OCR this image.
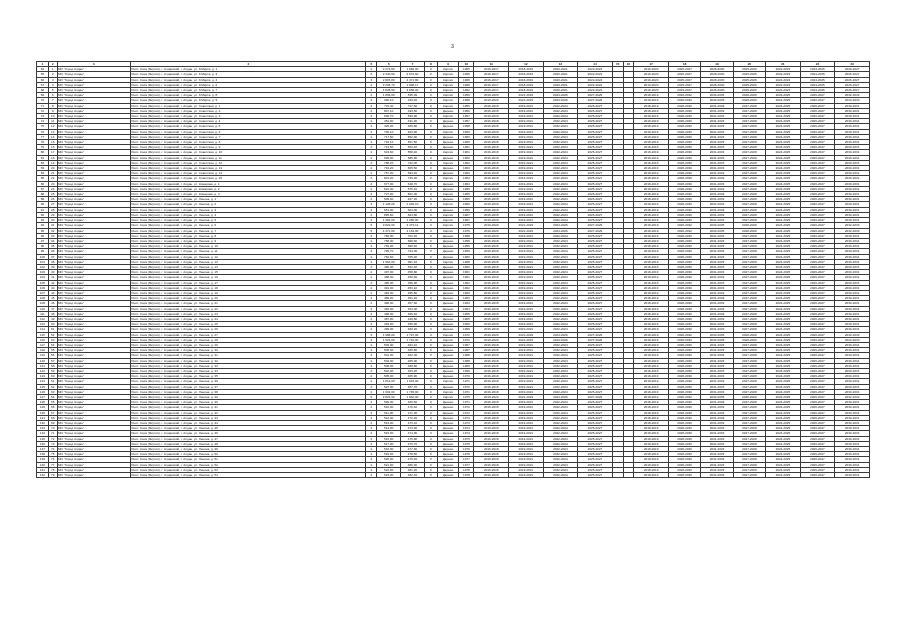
3
1	2	3	4	5	6	7	8	9	10	11	12	13	14	15	16	17	18	19	20	21	22	23
64	1	МО "Город Алдан"	Респ. Саха (Якутия), г. Алданский, г. Алдан, ул. 8 Марта, д. 1	2	2 274,80	1 669,00	0	Кирпич	1965	2016-2017	2018-2019	2020-2021	2022-2024			2019-2020	2025-2027	2028-2030	2025-2026	2022-2023	2024-2025	2026-2027
65	2	МО "Город Алдан"	Респ. Саха (Якутия), г. Алданский, г. Алдан, ул. 8 Марта, д. 3	2	2 340,60	2 073,60	0	Кирпич	1965	2016-2017	2018-2019	2020-2021	2022-2024			2019-2020	2025-2027	2028-2030	2025-2026	2022-2023	2024-2025	2026-2027
66	3	МО "Город Алдан"	Респ. Саха (Якутия), г. Алданский, г. Алдан, ул. 8 Марта, д. 4	3	2 815,80	2 471,80	0	Кирпич	1966	2016-2017	2018-2019	2020-2021	2022-2024			2019-2020	2025-2027	2028-2030	2025-2026	2022-2023	2024-2025	2026-2027
67	4	МО "Город Алдан"	Респ. Саха (Якутия), г. Алданский, г. Алдан, ул. 8 Марта, д. 6	2	3 205,70	1 998,17	0	Кирпич	1968	2016-2017	2018-2019	2020-2021	2022-2024			2019-2020	2025-2027	2028-2030	2025-2026	2022-2023	2024-2025	2026-2027
68	5	МО "Город Алдан"	Респ. Саха (Якутия), г. Алданский, г. Алдан, ул. 8 Марта, д. 7	2	4 828,90	3 958,00	0	Кирпич	1962	2016-2017	2018-2019	2020-2021	2022-2024			2019-2020	2025-2027	2028-2030	2025-2026	2022-2023	2024-2025	2026-2027
69	6	МО "Город Алдан"	Респ. Саха (Якутия), г. Алданский, г. Алдан, ул. 8 Марта, д. 8	2	1 893,00	535,09	0	Кирпич	1959	2019-2020	2021-2023	2024-2026	2027-2029			2018-2019	2030-2032	2033-2035	2028-2029	2024-2025	2026-2027	2032-2033
70	7	МО "Город Алдан"	Респ. Саха (Якутия), г. Алданский, г. Алдан, ул. 8 Марта, д. 9	2	390,10	333,40	0	Кирпич	1958	2019-2020	2021-2023	2024-2026	2027-2029			2018-2019	2030-2032	2033-2035	2028-2029	2024-2025	2026-2027	2032-2033
71	8	МО "Город Алдан"	Респ. Саха (Якутия), г. Алданский, г. Алдан, ул. Советская, д. 1	2	776,40	727,60	0	Кирпич	1955	2016-2018	2019-2021	2022-2024	2025-2027			2018-2019	2028-2030	2031-2033	2027-2028	2024-2025	2026-2027	2030-2031
72	9	МО "Город Алдан"	Респ. Саха (Якутия), г. Алданский, г. Алдан, ул. Советская, д. 2	2	807,10	433,50	0	Дерево	1956	2016-2018	2019-2021	2022-2024	2025-2027			2018-2019	2028-2030	2031-2033	2027-2028	2024-2025	2026-2027	2030-2031
73	10	МО "Город Алдан"	Респ. Саха (Якутия), г. Алданский, г. Алдан, ул. Советская, д. 3	2	609,70	530,90	0	Кирпич	1957	2016-2018	2019-2021	2022-2024	2025-2027			2018-2019	2028-2030	2031-2033	2027-2028	2024-2025	2026-2027	2030-2031
74	11	МО "Город Алдан"	Респ. Саха (Якутия), г. Алданский, г. Алдан, ул. Советская, д. 4	2	451,90	431,30	0	Дерево	1957	2016-2018	2019-2021	2022-2024	2025-2027			2018-2019	2028-2030	2031-2033	2027-2028	2024-2025	2026-2027	2030-2031
75	12	МО "Город Алдан"	Респ. Саха (Якутия), г. Алданский, г. Алдан, ул. Советская, д. 5	2	425,00	406,80	0	Дерево	1958	2016-2018	2019-2021	2022-2024	2025-2027			2018-2019	2028-2030	2031-2033	2027-2028	2024-2025	2026-2027	2030-2031
76	13	МО "Город Алдан"	Респ. Саха (Якутия), г. Алданский, г. Алдан, ул. Советская, д. 6	2	736,10	623,90	0	Кирпич	1959	2016-2018	2019-2021	2022-2024	2025-2027			2018-2019	2028-2030	2031-2033	2027-2028	2024-2025	2026-2027	2030-2031
77	14	МО "Город Алдан"	Респ. Саха (Якутия), г. Алданский, г. Алдан, ул. Советская, д. 7	2	717,50	652,00	0	Дерево	1960	2016-2018	2019-2021	2022-2024	2025-2027			2018-2019	2028-2030	2031-2033	2027-2028	2024-2025	2026-2027	2030-2031
78	15	МО "Город Алдан"	Респ. Саха (Якутия), г. Алданский, г. Алдан, ул. Советская, д. 8	2	710,10	651,50	0	Дерево	1960	2016-2018	2019-2021	2022-2024	2025-2027			2018-2019	2028-2030	2031-2033	2027-2028	2024-2025	2026-2027	2030-2031
79	16	МО "Город Алдан"	Респ. Саха (Якутия), г. Алданский, г. Алдан, ул. Советская, д. 9	2	713,60	653,40	0	Дерево	1961	2016-2018	2019-2021	2022-2024	2025-2027			2018-2019	2028-2030	2031-2033	2027-2028	2024-2025	2026-2027	2030-2031
80	17	МО "Город Алдан"	Респ. Саха (Якутия), г. Алданский, г. Алдан, ул. Советская, д. 10	2	619,60	558,40	0	Кирпич	1961	2016-2018	2019-2021	2022-2024	2025-2027			2018-2019	2028-2030	2031-2033	2027-2028	2024-2025	2026-2027	2030-2031
81	18	МО "Город Алдан"	Респ. Саха (Якутия), г. Алданский, г. Алдан, ул. Советская, д. 11	2	639,00	585,90	0	Дерево	1962	2016-2018	2019-2021	2022-2024	2025-2027			2018-2019	2028-2030	2031-2033	2027-2028	2024-2025	2026-2027	2030-2031
82	19	МО "Город Алдан"	Респ. Саха (Якутия), г. Алданский, г. Алдан, ул. Советская, д. 12	2	788,20	720,00	0	Кирпич	1962	2016-2018	2019-2021	2022-2024	2025-2027			2018-2019	2028-2030	2031-2033	2027-2028	2024-2025	2026-2027	2030-2031
83	20	МО "Город Алдан"	Респ. Саха (Якутия), г. Алданский, г. Алдан, ул. Советская, д. 13	2	734,20	665,50	0	Дерево	1963	2016-2018	2019-2021	2022-2024	2025-2027			2018-2019	2028-2030	2031-2033	2027-2028	2024-2025	2026-2027	2030-2031
84	21	МО "Город Алдан"	Респ. Саха (Якутия), г. Алданский, г. Алдан, ул. Советская, д. 14	2	757,30	693,40	0	Дерево	1963	2016-2018	2019-2021	2022-2024	2025-2027			2018-2019	2028-2030	2031-2033	2027-2028	2024-2025	2026-2027	2030-2031
85	22	МО "Город Алдан"	Респ. Саха (Якутия), г. Алданский, г. Алдан, ул. Советская, д. 15	2	801,20	736,30	0	Кирпич	1964	2016-2018	2019-2021	2022-2024	2025-2027			2018-2019	2028-2030	2031-2033	2027-2028	2024-2025	2026-2027	2030-2031
86	23	МО "Город Алдан"	Респ. Саха (Якутия), г. Алданский, г. Алдан, ул. Комарова, д. 1	2	677,00	618,70	0	Дерево	1964	2016-2018	2019-2021	2022-2024	2025-2027			2018-2019	2028-2030	2031-2033	2027-2028	2024-2025	2026-2027	2030-2031
87	24	МО "Город Алдан"	Респ. Саха (Якутия), г. Алданский, г. Алдан, ул. Комарова, д. 2	2	622,40	576,10	0	Дерево	1965	2016-2018	2019-2021	2022-2024	2025-2027			2018-2019	2028-2030	2031-2033	2027-2028	2024-2025	2026-2027	2030-2031
88	25	МО "Город Алдан"	Респ. Саха (Якутия), г. Алданский, г. Алдан, ул. Комарова, д. 3	2	727,00	661,00	0	Кирпич	1965	2016-2018	2019-2021	2022-2024	2025-2027			2018-2019	2028-2030	2031-2033	2027-2028	2024-2025	2026-2027	2030-2031
89	26	МО "Город Алдан"	Респ. Саха (Якутия), г. Алданский, г. Алдан, ул. Ленина, д. 1	2	509,00	467,20	0	Дерево	1955	2016-2018	2019-2021	2022-2024	2025-2027			2018-2019	2028-2030	2031-2033	2027-2028	2024-2025	2026-2027	2030-2031
90	27	МО "Город Алдан"	Респ. Саха (Якутия), г. Алданский, г. Алдан, ул. Ленина, д. 2	3	1 128,00	1 049,10	0	Кирпич	1966	2016-2018	2019-2021	2022-2024	2025-2027			2018-2019	2028-2030	2031-2033	2027-2028	2024-2025	2026-2027	2030-2031
91	28	МО "Город Алдан"	Респ. Саха (Якутия), г. Алданский, г. Алдан, ул. Ленина, д. 3	2	651,00	604,00	0	Дерево	1956	2016-2018	2019-2021	2022-2024	2025-2027			2018-2019	2028-2030	2031-2033	2027-2028	2024-2025	2026-2027	2030-2031
92	29	МО "Город Алдан"	Респ. Саха (Якутия), г. Алданский, г. Алдан, ул. Ленина, д. 4	2	895,60	824,80	0	Кирпич	1967	2016-2018	2019-2021	2022-2024	2025-2027			2018-2019	2028-2030	2031-2033	2027-2028	2024-2025	2026-2027	2030-2031
93	30	МО "Город Алдан"	Респ. Саха (Якутия), г. Алданский, г. Алдан, ул. Ленина, д. 5	2	1 382,00	1 280,00	0	Кирпич	1967	2016-2018	2019-2021	2022-2024	2025-2027			2018-2019	2028-2030	2031-2033	2027-2028	2024-2025	2026-2027	2030-2031
94	31	МО "Город Алдан"	Респ. Саха (Якутия), г. Алданский, г. Алдан, ул. Ленина, д. 6	5	3 822,00	3 473,12	0	Кирпич	1975	2019-2020	2021-2023	2024-2026	2027-2029			2018-2019	2030-2032	2033-2035	2028-2029	2024-2025	2026-2027	2032-2033
95	32	МО "Город Алдан"	Респ. Саха (Якутия), г. Алданский, г. Алдан, ул. Ленина, д. 7	5	4 471,80	4 164,00	0	Кирпич	1976	2019-2020	2021-2023	2024-2026	2027-2029			2018-2019	2030-2032	2033-2035	2028-2029	2024-2025	2026-2027	2032-2033
96	33	МО "Город Алдан"	Респ. Саха (Якутия), г. Алданский, г. Алдан, ул. Ленина, д. 8	2	760,00	702,40	0	Дерево	1958	2016-2018	2019-2021	2022-2024	2025-2027			2018-2019	2028-2030	2031-2033	2027-2028	2024-2025	2026-2027	2030-2031
97	34	МО "Город Алдан"	Респ. Саха (Якутия), г. Алданский, г. Алдан, ул. Ленина, д. 9	2	758,00	698,60	0	Дерево	1958	2016-2018	2019-2021	2022-2024	2025-2027			2018-2019	2028-2030	2031-2033	2027-2028	2024-2025	2026-2027	2030-2031
98	35	МО "Город Алдан"	Респ. Саха (Якутия), г. Алданский, г. Алдан, ул. Ленина, д. 10	2	749,00	690,40	0	Дерево	1959	2016-2018	2019-2021	2022-2024	2025-2027			2018-2019	2028-2030	2031-2033	2027-2028	2024-2025	2026-2027	2030-2031
99	36	МО "Город Алдан"	Респ. Саха (Якутия), г. Алданский, г. Алдан, ул. Ленина, д. 11	2	795,70	734,00	0	Дерево	1959	2016-2018	2019-2021	2022-2024	2025-2027			2018-2019	2028-2030	2031-2033	2027-2028	2024-2025	2026-2027	2030-2031
100	37	МО "Город Алдан"	Респ. Саха (Якутия), г. Алданский, г. Алдан, ул. Ленина, д. 12	2	762,60	705,20	0	Дерево	1960	2016-2018	2019-2021	2022-2024	2025-2027			2018-2019	2028-2030	2031-2033	2027-2028	2024-2025	2026-2027	2030-2031
101	38	МО "Город Алдан"	Респ. Саха (Якутия), г. Алданский, г. Алдан, ул. Ленина, д. 13	2	1 964,00	991,16	0	Кирпич	1968	2016-2018	2019-2021	2022-2024	2025-2027			2018-2019	2028-2030	2031-2033	2027-2028	2024-2025	2026-2027	2030-2031
102	39	МО "Город Алдан"	Респ. Саха (Якутия), г. Алданский, г. Алдан, ул. Ленина, д. 14	2	490,00	452,40	0	Дерево	1960	2016-2018	2019-2021	2022-2024	2025-2027			2018-2019	2028-2030	2031-2033	2027-2028	2024-2025	2026-2027	2030-2031
103	40	МО "Город Алдан"	Респ. Саха (Якутия), г. Алданский, г. Алдан, ул. Ленина, д. 15	2	497,00	458,80	0	Дерево	1961	2016-2018	2019-2021	2022-2024	2025-2027			2018-2019	2028-2030	2031-2033	2027-2028	2024-2025	2026-2027	2030-2031
104	41	МО "Город Алдан"	Респ. Саха (Якутия), г. Алданский, г. Алдан, ул. Ленина, д. 16	2	488,00	450,60	0	Дерево	1961	2016-2018	2019-2021	2022-2024	2025-2027			2018-2019	2028-2030	2031-2033	2027-2028	2024-2025	2026-2027	2030-2031
105	42	МО "Город Алдан"	Респ. Саха (Якутия), г. Алданский, г. Алдан, ул. Ленина, д. 17	2	495,00	456,90	0	Дерево	1962	2016-2018	2019-2021	2022-2024	2025-2027			2018-2019	2028-2030	2031-2033	2027-2028	2024-2025	2026-2027	2030-2031
106	43	МО "Город Алдан"	Респ. Саха (Якутия), г. Алданский, г. Алдан, ул. Ленина, д. 18	2	491,00	453,10	0	Дерево	1962	2016-2018	2019-2021	2022-2024	2025-2027			2018-2019	2028-2030	2031-2033	2027-2028	2024-2025	2026-2027	2030-2031
107	44	МО "Город Алдан"	Респ. Саха (Якутия), г. Алданский, г. Алдан, ул. Ленина, д. 19	2	494,00	455,80	0	Дерево	1963	2016-2018	2019-2021	2022-2024	2025-2027			2018-2019	2028-2030	2031-2033	2027-2028	2024-2025	2026-2027	2030-2031
108	45	МО "Город Алдан"	Респ. Саха (Якутия), г. Алданский, г. Алдан, ул. Ленина, д. 20	2	489,00	451,20	0	Дерево	1963	2016-2018	2019-2021	2022-2024	2025-2027			2018-2019	2028-2030	2031-2033	2027-2028	2024-2025	2026-2027	2030-2031
109	46	МО "Город Алдан"	Респ. Саха (Якутия), г. Алданский, г. Алдан, ул. Ленина, д. 21	2	496,00	457,60	0	Дерево	1964	2016-2018	2019-2021	2022-2024	2025-2027			2018-2019	2028-2030	2031-2033	2027-2028	2024-2025	2026-2027	2030-2031
110	47	МО "Город Алдан"	Респ. Саха (Якутия), г. Алданский, г. Алдан, ул. Ленина, д. 22	2	492,00	454,00	0	Дерево	1964	2016-2018	2019-2021	2022-2024	2025-2027			2018-2019	2028-2030	2031-2033	2027-2028	2024-2025	2026-2027	2030-2031
111	48	МО "Город Алдан"	Респ. Саха (Якутия), г. Алданский, г. Алдан, ул. Ленина, д. 23	2	498,00	459,40	0	Дерево	1965	2016-2018	2019-2021	2022-2024	2025-2027			2018-2019	2028-2030	2031-2033	2027-2028	2024-2025	2026-2027	2030-2031
112	49	МО "Город Алдан"	Респ. Саха (Якутия), г. Алданский, г. Алдан, ул. Ленина, д. 24	2	487,00	449,80	0	Дерево	1965	2016-2018	2019-2021	2022-2024	2025-2027			2018-2019	2028-2030	2031-2033	2027-2028	2024-2025	2026-2027	2030-2031
113	50	МО "Город Алдан"	Респ. Саха (Якутия), г. Алданский, г. Алдан, ул. Ленина, д. 25	2	493,00	455,00	0	Дерево	1966	2016-2018	2019-2021	2022-2024	2025-2027			2018-2019	2028-2030	2031-2033	2027-2028	2024-2025	2026-2027	2030-2031
114	51	МО "Город Алдан"	Респ. Саха (Якутия), г. Алданский, г. Алдан, ул. Ленина, д. 26	2	499,00	460,20	0	Дерево	1966	2016-2018	2019-2021	2022-2024	2025-2027			2018-2019	2028-2030	2031-2033	2027-2028	2024-2025	2026-2027	2030-2031
115	52	МО "Город Алдан"	Респ. Саха (Якутия), г. Алданский, г. Алдан, ул. Ленина, д. 27	3	1 988,00	1 797,00	0	Кирпич	1972	2019-2020	2021-2023	2024-2026	2027-2029			2018-2019	2030-2032	2033-2035	2028-2029	2024-2025	2026-2027	2032-2033
116	53	МО "Город Алдан"	Респ. Саха (Якутия), г. Алданский, г. Алдан, ул. Ленина, д. 28	3	1 924,00	1 742,00	0	Кирпич	1972	2019-2020	2021-2023	2024-2026	2027-2029			2018-2019	2030-2032	2033-2035	2028-2029	2024-2025	2026-2027	2032-2033
117	54	МО "Город Алдан"	Респ. Саха (Якутия), г. Алданский, г. Алдан, ул. Ленина, д. 29	2	503,00	464,10	0	Дерево	1967	2016-2018	2019-2021	2022-2024	2025-2027			2018-2019	2028-2030	2031-2033	2027-2028	2024-2025	2026-2027	2030-2031
118	55	МО "Город Алдан"	Респ. Саха (Якутия), г. Алданский, г. Алдан, ул. Ленина, д. 30	2	506,00	466,80	0	Дерево	1967	2016-2018	2019-2021	2022-2024	2025-2027			2018-2019	2028-2030	2031-2033	2027-2028	2024-2025	2026-2027	2030-2031
119	56	МО "Город Алдан"	Респ. Саха (Якутия), г. Алданский, г. Алдан, ул. Ленина, д. 31	2	501,00	462,30	0	Дерево	1968	2016-2018	2019-2021	2022-2024	2025-2027			2018-2019	2028-2030	2031-2033	2027-2028	2024-2025	2026-2027	2030-2031
120	57	МО "Город Алдан"	Респ. Саха (Якутия), г. Алданский, г. Алдан, ул. Ленина, д. 32	2	504,00	465,00	0	Дерево	1968	2016-2018	2019-2021	2022-2024	2025-2027			2018-2019	2028-2030	2031-2033	2027-2028	2024-2025	2026-2027	2030-2031
121	58	МО "Город Алдан"	Респ. Саха (Якутия), г. Алданский, г. Алдан, ул. Ленина, д. 33	2	508,00	468,60	0	Дерево	1969	2016-2018	2019-2021	2022-2024	2025-2027			2018-2019	2028-2030	2031-2033	2027-2028	2024-2025	2026-2027	2030-2031
122	59	МО "Город Алдан"	Респ. Саха (Якутия), г. Алданский, г. Алдан, ул. Ленина, д. 34	2	502,00	463,20	0	Дерево	1969	2016-2018	2019-2021	2022-2024	2025-2027			2018-2019	2028-2030	2031-2033	2027-2028	2024-2025	2026-2027	2030-2031
123	60	МО "Город Алдан"	Респ. Саха (Якутия), г. Алданский, г. Алдан, ул. Ленина, д. 35	2	505,00	465,90	0	Дерево	1970	2016-2018	2019-2021	2022-2024	2025-2027			2018-2019	2028-2030	2031-2033	2027-2028	2024-2025	2026-2027	2030-2031
124	61	МО "Город Алдан"	Респ. Саха (Якутия), г. Алданский, г. Алдан, ул. Ленина, д. 36	2	1 812,00	1 643,00	0	Кирпич	1971	2016-2018	2019-2021	2022-2024	2025-2027			2018-2019	2028-2030	2031-2033	2027-2028	2024-2025	2026-2027	2030-2031
125	62	МО "Город Алдан"	Респ. Саха (Якутия), г. Алданский, г. Алдан, ул. Ленина, д. 37	2	507,00	467,70	0	Дерево	1970	2016-2018	2019-2021	2022-2024	2025-2027			2018-2019	2028-2030	2031-2033	2027-2028	2024-2025	2026-2027	2030-2031
126	63	МО "Город Алдан"	Респ. Саха (Якутия), г. Алданский, г. Алдан, ул. Ленина, д. 38	2	1 932,00	1 745,00	0	Кирпич	1971	2016-2018	2019-2021	2022-2024	2025-2027			2018-2019	2028-2030	2031-2033	2027-2028	2024-2025	2026-2027	2030-2031
127	64	МО "Город Алдан"	Респ. Саха (Якутия), г. Алданский, г. Алдан, ул. Ленина, д. 39	5	2 822,00	1 942,00	0	Кирпич	1975	2019-2020	2021-2023	2024-2026	2027-2029			2018-2019	2030-2032	2033-2035	2028-2029	2024-2025	2026-2027	2032-2033
128	65	МО "Город Алдан"	Респ. Саха (Якутия), г. Алданский, г. Алдан, ул. Ленина, д. 40	2	509,00	469,50	0	Дерево	1971	2016-2018	2019-2021	2022-2024	2025-2027			2018-2019	2028-2030	2031-2033	2027-2028	2024-2025	2026-2027	2030-2031
129	66	МО "Город Алдан"	Респ. Саха (Якутия), г. Алданский, г. Алдан, ул. Ленина, д. 41	2	510,00	470,40	0	Дерево	1972	2016-2018	2019-2021	2022-2024	2025-2027			2018-2019	2028-2030	2031-2033	2027-2028	2024-2025	2026-2027	2030-2031
130	67	МО "Город Алдан"	Респ. Саха (Якутия), г. Алданский, г. Алдан, ул. Ленина, д. 42	2	511,00	471,30	0	Дерево	1972	2016-2018	2019-2021	2022-2024	2025-2027			2018-2019	2028-2030	2031-2033	2027-2028	2024-2025	2026-2027	2030-2031
131	68	МО "Город Алдан"	Респ. Саха (Якутия), г. Алданский, г. Алдан, ул. Ленина, д. 43	2	512,00	472,20	0	Дерево	1973	2016-2018	2019-2021	2022-2024	2025-2027			2018-2019	2028-2030	2031-2033	2027-2028	2024-2025	2026-2027	2030-2031
132	69	МО "Город Алдан"	Респ. Саха (Якутия), г. Алданский, г. Алдан, ул. Ленина, д. 44	2	513,00	473,10	0	Дерево	1973	2016-2018	2019-2021	2022-2024	2025-2027			2018-2019	2028-2030	2031-2033	2027-2028	2024-2025	2026-2027	2030-2031
133	70	МО "Город Алдан"	Респ. Саха (Якутия), г. Алданский, г. Алдан, ул. Ленина, д. 45	2	514,00	474,00	0	Дерево	1974	2016-2018	2019-2021	2022-2024	2025-2027			2018-2019	2028-2030	2031-2033	2027-2028	2024-2025	2026-2027	2030-2031
134	71	МО "Город Алдан"	Респ. Саха (Якутия), г. Алданский, г. Алдан, ул. Ленина, д. 46	2	515,00	474,90	0	Дерево	1974	2016-2018	2019-2021	2022-2024	2025-2027			2018-2019	2028-2030	2031-2033	2027-2028	2024-2025	2026-2027	2030-2031
135	72	МО "Город Алдан"	Респ. Саха (Якутия), г. Алданский, г. Алдан, ул. Ленина, д. 47	2	516,00	475,80	0	Дерево	1975	2016-2018	2019-2021	2022-2024	2025-2027			2018-2019	2028-2030	2031-2033	2027-2028	2024-2025	2026-2027	2030-2031
136	73	МО "Город Алдан"	Респ. Саха (Якутия), г. Алданский, г. Алдан, ул. Ленина, д. 48	2	517,00	476,70	0	Дерево	1975	2016-2018	2019-2021	2022-2024	2025-2027			2018-2019	2028-2030	2031-2033	2027-2028	2024-2025	2026-2027	2030-2031
137	74	МО "Город Алдан"	Респ. Саха (Якутия), г. Алданский, г. Алдан, ул. Ленина, д. 49	2	518,00	477,60	0	Дерево	1976	2016-2018	2019-2021	2022-2024	2025-2027			2018-2019	2028-2030	2031-2033	2027-2028	2024-2025	2026-2027	2030-2031
138	75	МО "Город Алдан"	Респ. Саха (Якутия), г. Алданский, г. Алдан, ул. Ленина, д. 50	2	519,00	478,50	0	Дерево	1976	2016-2018	2019-2021	2022-2024	2025-2027			2018-2019	2028-2030	2031-2033	2027-2028	2024-2025	2026-2027	2030-2031
139	76	МО "Город Алдан"	Респ. Саха (Якутия), г. Алданский, г. Алдан, ул. Ленина, д. 51	2	520,00	479,40	0	Дерево	1977	2016-2018	2019-2021	2022-2024	2025-2027			2018-2019	2028-2030	2031-2033	2027-2028	2024-2025	2026-2027	2030-2031
140	77	МО "Город Алдан"	Респ. Саха (Якутия), г. Алданский, г. Алдан, ул. Ленина, д. 52	2	521,00	480,30	0	Дерево	1977	2016-2018	2019-2021	2022-2024	2025-2027			2018-2019	2028-2030	2031-2033	2027-2028	2024-2025	2026-2027	2030-2031
141	78	МО "Город Алдан"	Респ. Саха (Якутия), г. Алданский, г. Алдан, ул. Ленина, д. 53	2	522,00	481,20	0	Дерево	1978	2016-2018	2019-2021	2022-2024	2025-2027			2018-2019	2028-2030	2031-2033	2027-2028	2024-2025	2026-2027	2030-2031
142	79	МО "Город Алдан"	Респ. Саха (Якутия), г. Алданский, г. Алдан, ул. Ленина, д. 54	2	523,00	482,10	0	Дерево	1978	2016-2018	2019-2021	2022-2024	2025-2027			2018-2019	2028-2030	2031-2033	2027-2028	2024-2025	2026-2027	2030-2031
